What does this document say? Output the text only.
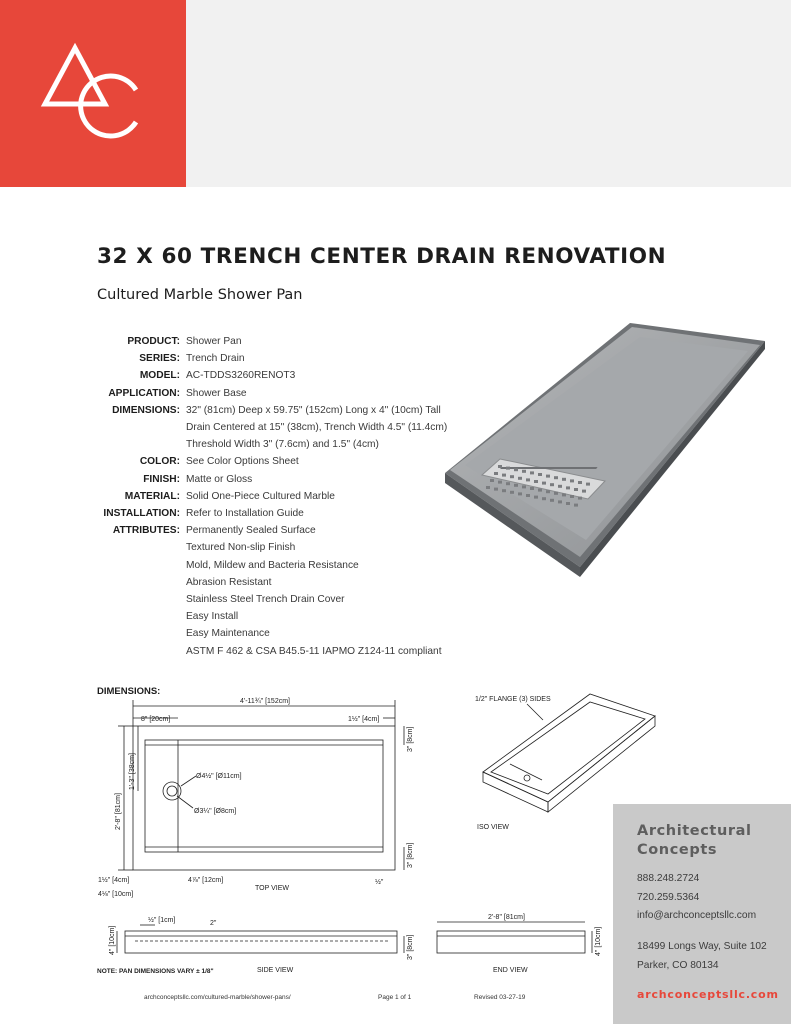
32 X 60 TRENCH CENTER DRAIN RENOVATION
Cultured Marble Shower Pan
PRODUCT: Shower Pan
SERIES: Trench Drain
MODEL: AC-TDDS3260RENOT3
APPLICATION: Shower Base
DIMENSIONS: 32" (81cm) Deep x 59.75" (152cm) Long x 4" (10cm) Tall
Drain Centered at 15" (38cm), Trench Width 4.5" (11.4cm)
Threshold Width 3" (7.6cm) and 1.5" (4cm)
COLOR: See Color Options Sheet
FINISH: Matte or Gloss
MATERIAL: Solid One-Piece Cultured Marble
INSTALLATION: Refer to Installation Guide
ATTRIBUTES: Permanently Sealed Surface
Textured Non-slip Finish
Mold, Mildew and Bacteria Resistance
Abrasion Resistant
Stainless Steel Trench Drain Cover
Easy Install
Easy Maintenance
ASTM F 462 & CSA B45.5-11 IAPMO Z124-11 compliant
DIMENSIONS:
4'-11¾" [152cm]
8" [20cm]	1½" [4cm]
3" [8cm]
1'-3" [38cm]
2'-8" [81cm]
Ø4½" [Ø11cm]
Ø3¼" [Ø8cm]
3" [8cm]
1½" [4cm]
4⅛" [10cm]
4⅞" [12cm]	½"
TOP VIEW
½" [1cm]	2"
4" [10cm]	3" [8cm]
SIDE VIEW
2'-8" [81cm]
4" [10cm]
END VIEW
1/2" FLANGE (3) SIDES
ISO VIEW
NOTE: PAN DIMENSIONS VARY ± 1/8"
archconceptsllc.com/cultured-marble/shower-pans/	Page 1 of 1	Revised 03-27-19
Architectural
Concepts
888.248.2724
720.259.5364
info@archconceptsllc.com
18499 Longs Way, Suite 102
Parker, CO 80134
archconceptsllc.com
